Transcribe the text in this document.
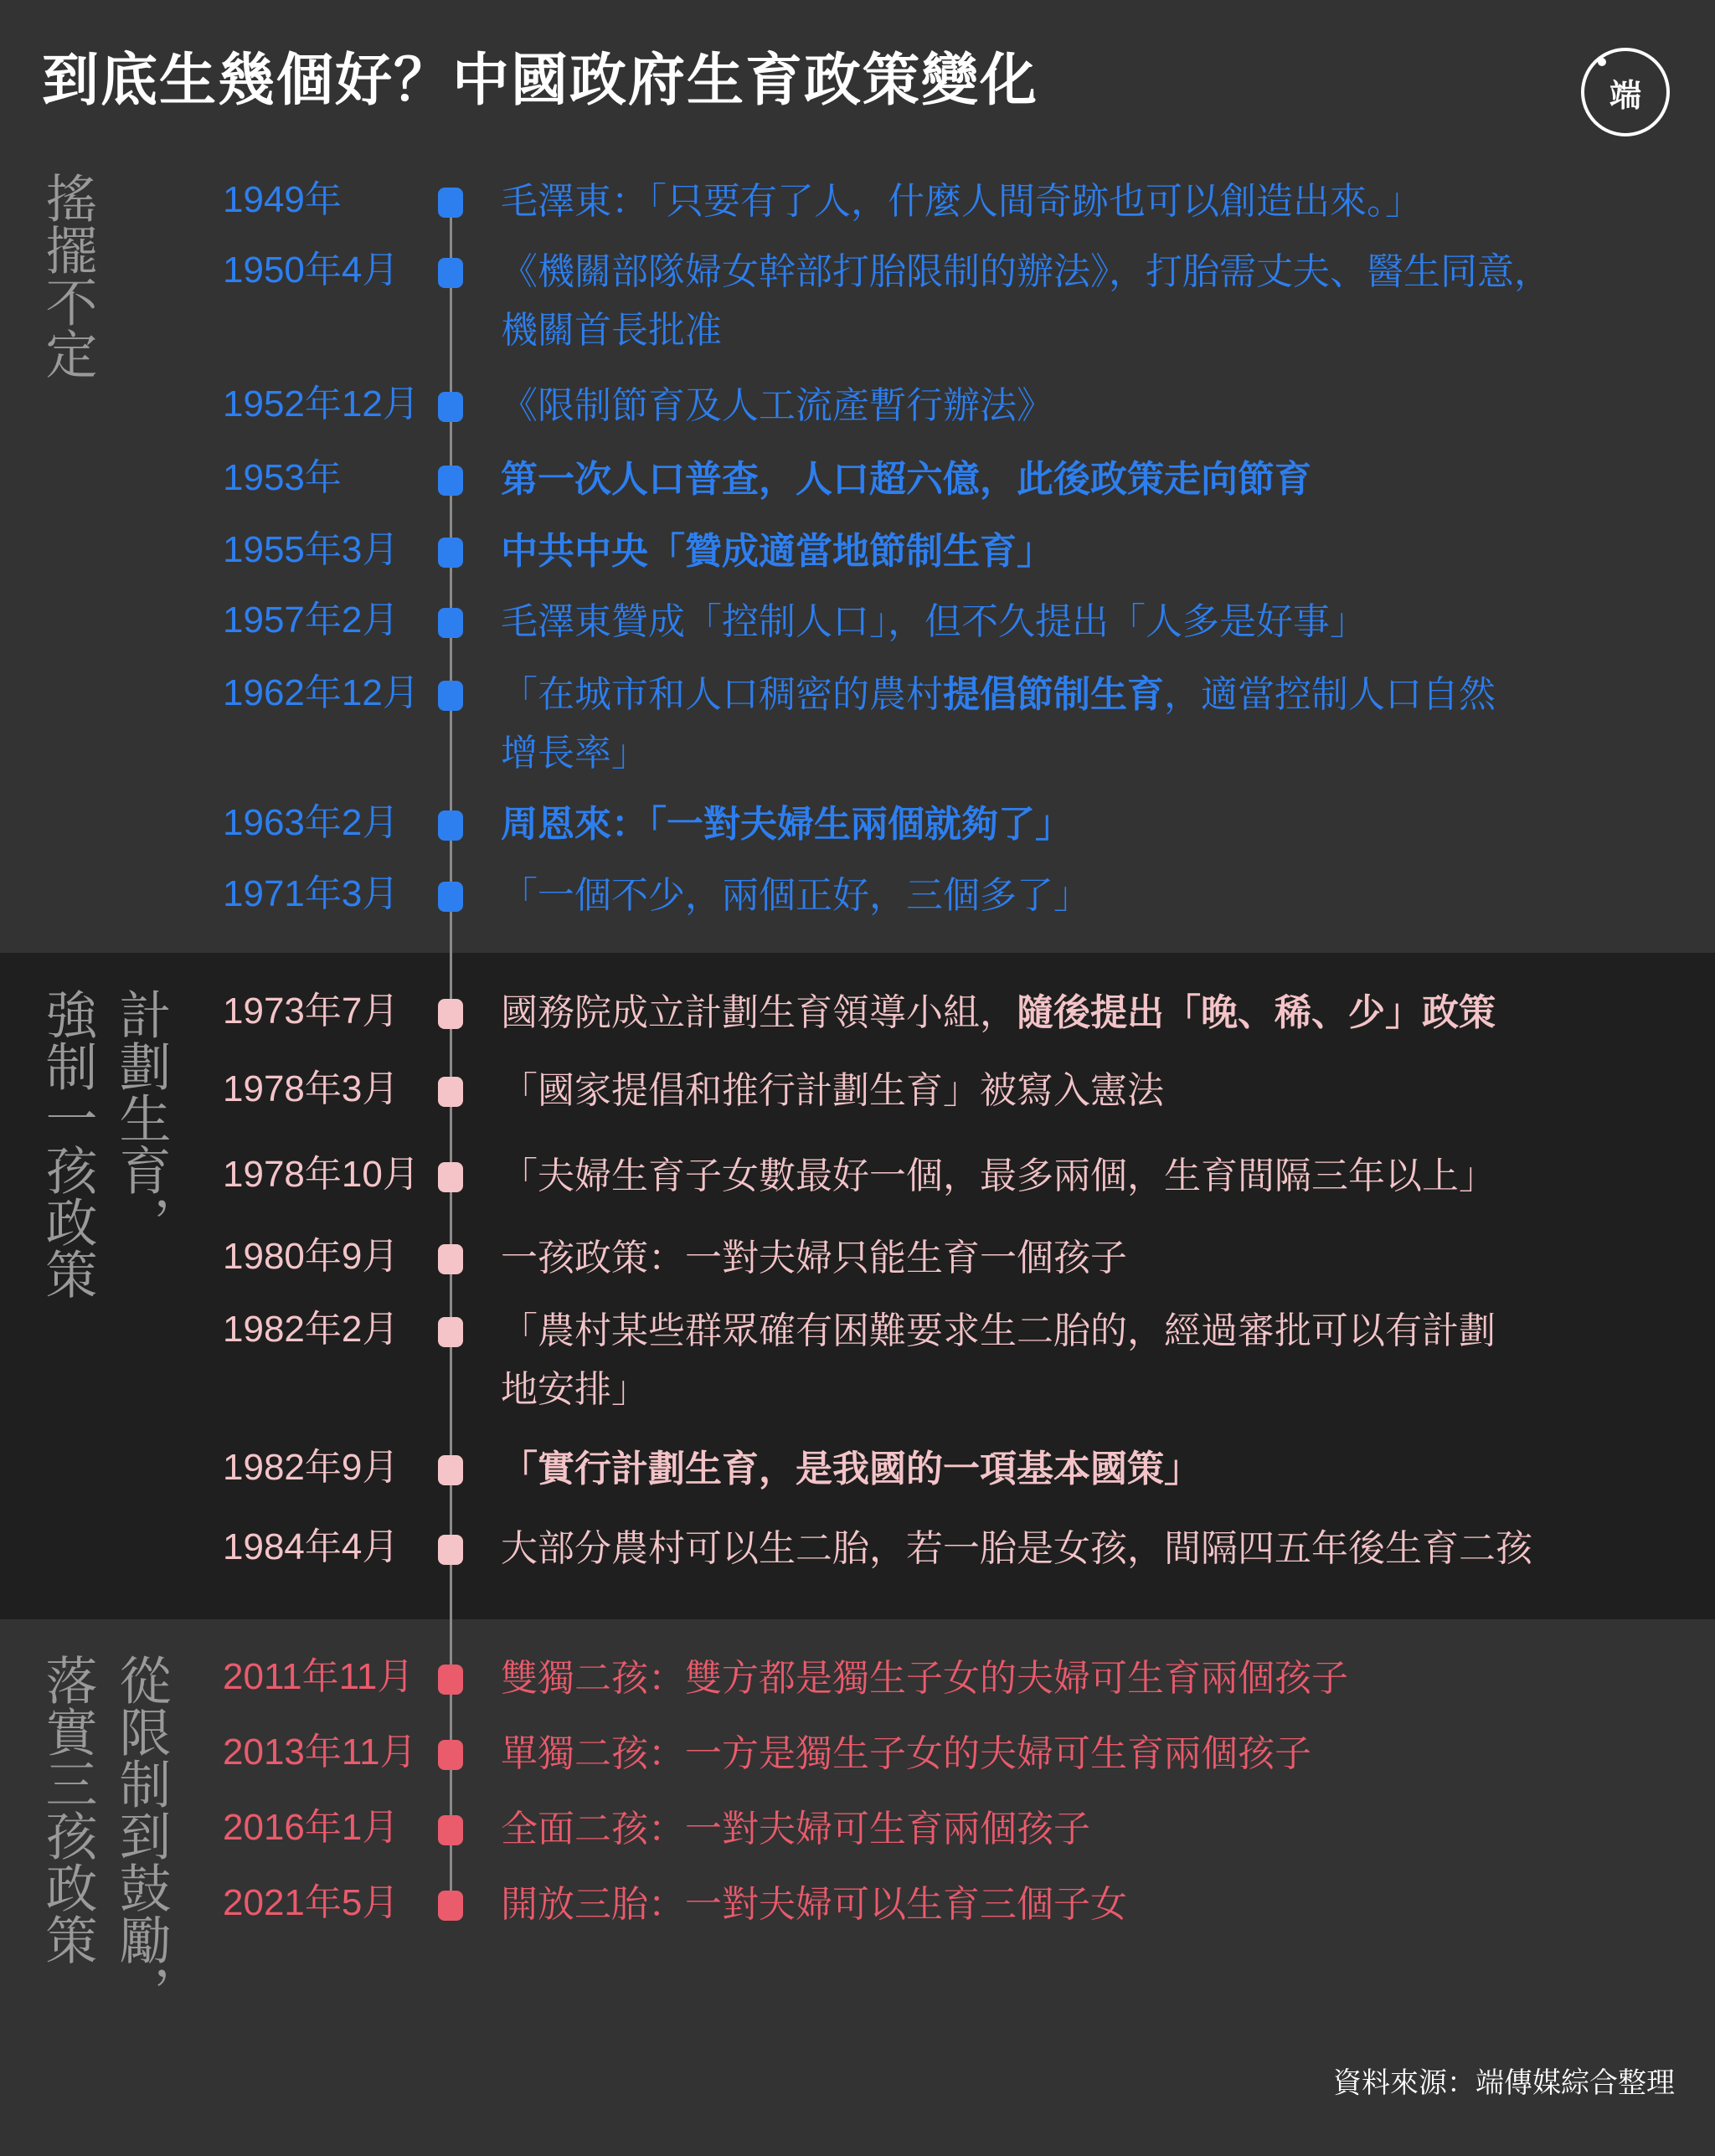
到底生幾個好？中國政府生育政策變化	端
搖擺不定
計劃生育，
強制一孩政策
從限制到鼓勵，
落實三孩政策
1949年	毛澤東：「只要有了人，什麼人間奇跡也可以創造出來。」
1950年4月	《機關部隊婦女幹部打胎限制的辦法》，打胎需丈夫、醫生同意，
機關首長批准
1952年12月 《限制節育及人工流產暫行辦法》
1953年	第一次人口普查，人口超六億，此後政策走向節育
1955年3月	中共中央「贊成適當地節制生育」
1957年2月	毛澤東贊成「控制人口」，但不久提出「人多是好事」
1962年12月 「在城市和人口稠密的農村提倡節制生育，適當控制人口自然
增長率」
1963年2月	周恩來：「一對夫婦生兩個就夠了」
1971年3月	「一個不少，兩個正好，三個多了」
1973年7月	國務院成立計劃生育領導小組，隨後提出「晚、稀、少」政策
1978年3月	「國家提倡和推行計劃生育」被寫入憲法
1978年10月 「夫婦生育子女數最好一個，最多兩個，生育間隔三年以上」
1980年9月	一孩政策：一對夫婦只能生育一個孩子
1982年2月	「農村某些群眾確有困難要求生二胎的，經過審批可以有計劃
地安排」
1982年9月	「實行計劃生育，是我國的一項基本國策」
1984年4月	大部分農村可以生二胎，若一胎是女孩，間隔四五年後生育二孩
2011年11月 雙獨二孩：雙方都是獨生子女的夫婦可生育兩個孩子
2013年11月 單獨二孩：一方是獨生子女的夫婦可生育兩個孩子
2016年1月	全面二孩：一對夫婦可生育兩個孩子
2021年5月	開放三胎：一對夫婦可以生育三個子女
資料來源：端傳媒綜合整理
